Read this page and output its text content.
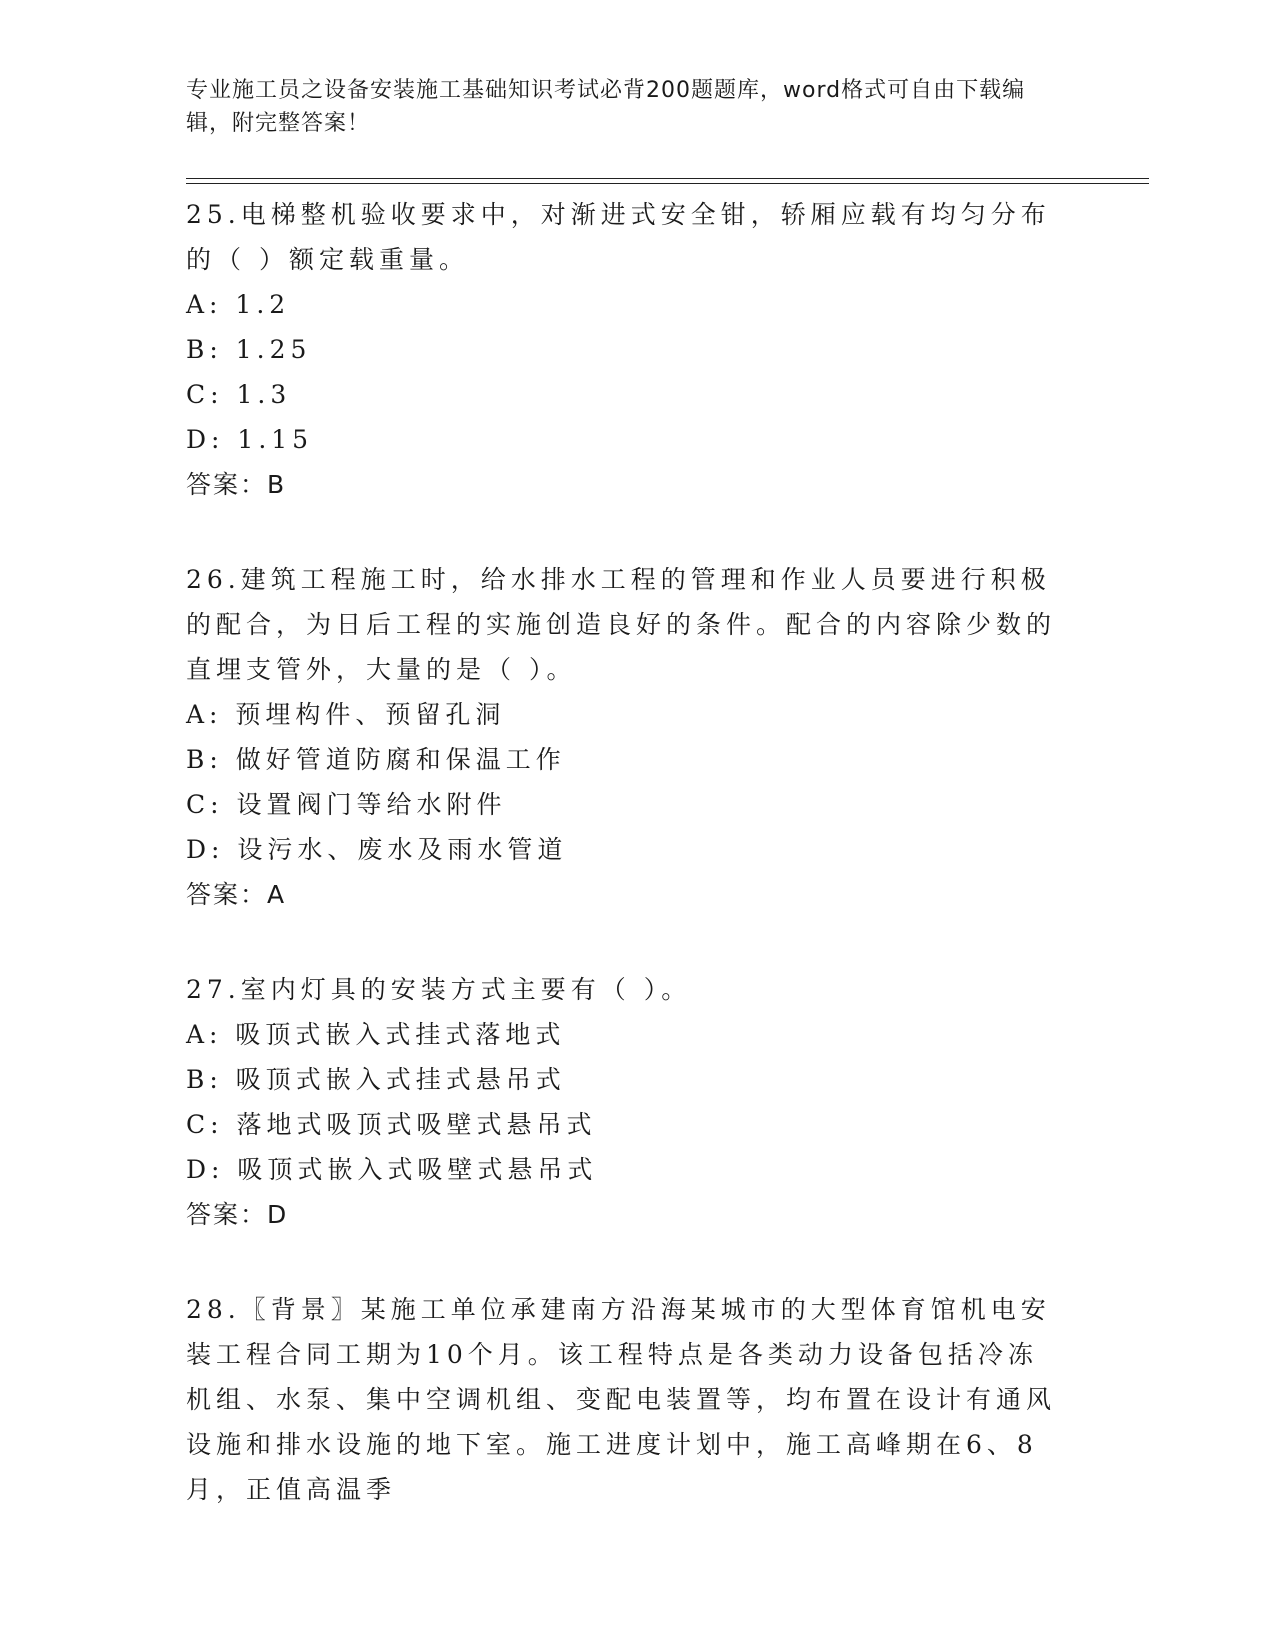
专业施工员之设备安装施工基础知识考试必背200题题库，word格式可自由下载编辑，附完整答案！
25.电梯整机验收要求中，对渐进式安全钳，轿厢应载有均匀分布的（ ）额定载重量。
A: 1.2
B: 1.25
C: 1.3
D: 1.15
答案：B
26.建筑工程施工时，给水排水工程的管理和作业人员要进行积极的配合，为日后工程的实施创造良好的条件。配合的内容除少数的直埋支管外，大量的是（ ）。
A: 预埋构件、预留孔洞
B: 做好管道防腐和保温工作
C: 设置阀门等给水附件
D: 设污水、废水及雨水管道
答案：A
27.室内灯具的安装方式主要有（ ）。
A: 吸顶式嵌入式挂式落地式
B: 吸顶式嵌入式挂式悬吊式
C: 落地式吸顶式吸壁式悬吊式
D: 吸顶式嵌入式吸壁式悬吊式
答案：D
28.〖背景〗某施工单位承建南方沿海某城市的大型体育馆机电安装工程合同工期为10个月。该工程特点是各类动力设备包括冷冻机组、水泵、集中空调机组、变配电装置等，均布置在设计有通风设施和排水设施的地下室。施工进度计划中，施工高峰期在6、8月，正值高温季
